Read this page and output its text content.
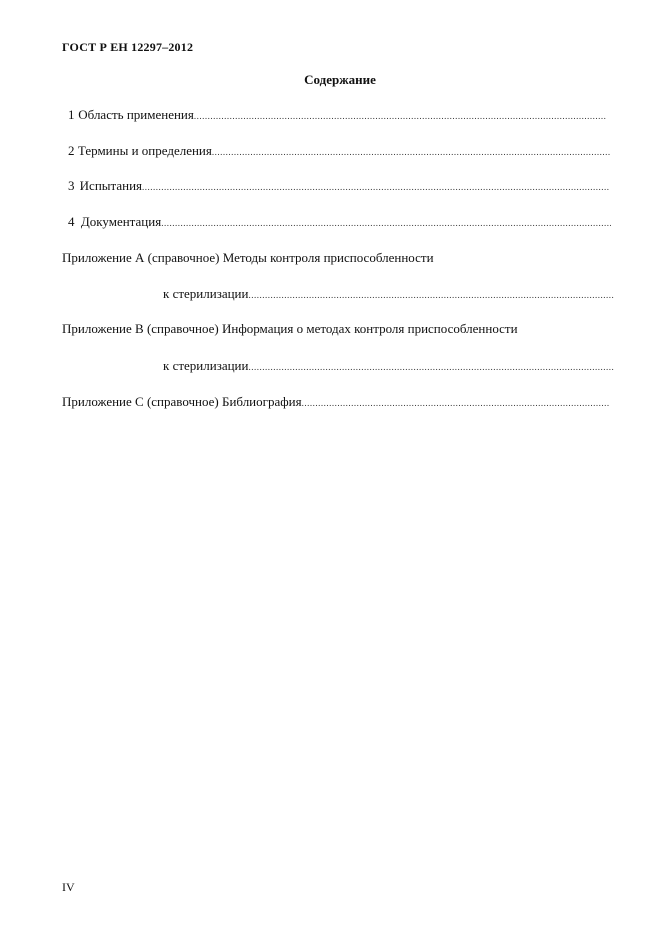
ГОСТ Р ЕН 12297–2012
Содержание
1 Область применения
.....
2 Термины и определения
.....
3 Испытания
.....
4 Документация
.....
Приложение А (справочное) Методы контроля приспособленности
к стерилизации
.....
Приложение В (справочное) Информация о методах контроля приспособленности
к стерилизации
.....
Приложение С (справочное) Библиография
.....
IV
